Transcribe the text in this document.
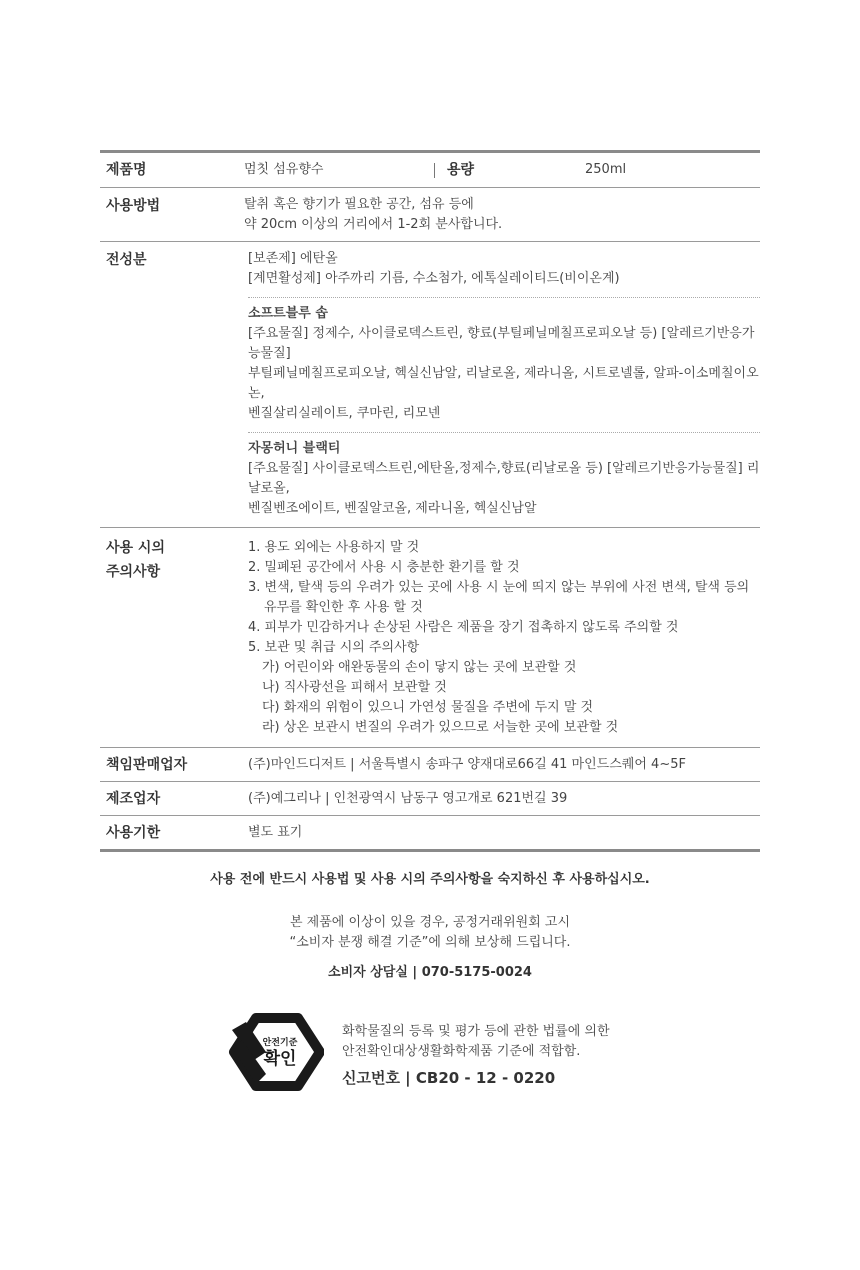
제품명	멈칫 섬유향수	용량	250ml
사용방법	탈취 혹은 향기가 필요한 공간, 섬유 등에
약 20cm 이상의 거리에서 1-2회 분사합니다.
전성분	[보존제] 에탄올
[계면활성제] 아주까리 기름, 수소첨가, 에톡실레이티드(비이온계)
소프트블루 솝
[주요물질] 정제수, 사이클로덱스트린, 향료(부틸페닐메칠프로피오날 등) [알레르기반응가능물질]
부틸페닐메칠프로피오날, 헥실신남알, 리날로올, 제라니올, 시트로넬롤, 알파-이소메칠이오논,
벤질살리실레이트, 쿠마린, 리모넨
자몽허니 블랙티
[주요물질] 사이클로덱스트린,에탄올,정제수,향료(리날로올 등) [알레르기반응가능물질] 리날로올,
벤질벤조에이트, 벤질알코올, 제라니올, 헥실신남알
사용 시의
주의사항
1. 용도 외에는 사용하지 말 것
2. 밀폐된 공간에서 사용 시 충분한 환기를 할 것
3. 변색, 탈색 등의 우려가 있는 곳에 사용 시 눈에 띄지 않는 부위에 사전 변색, 탈색 등의
유무를 확인한 후 사용 할 것
4. 피부가 민감하거나 손상된 사람은 제품을 장기 접촉하지 않도록 주의할 것
5. 보관 및 취급 시의 주의사항
가) 어린이와 애완동물의 손이 닿지 않는 곳에 보관할 것
나) 직사광선을 피해서 보관할 것
다) 화재의 위험이 있으니 가연성 물질을 주변에 두지 말 것
라) 상온 보관시 변질의 우려가 있으므로 서늘한 곳에 보관할 것
책임판매업자	(주)마인드디저트 | 서울특별시 송파구 양재대로66길 41 마인드스퀘어 4~5F
제조업자	(주)예그리나 | 인천광역시 남동구 영고개로 621번길 39
사용기한	별도 표기
사용 전에 반드시 사용법 및 사용 시의 주의사항을 숙지하신 후 사용하십시오.
본 제품에 이상이 있을 경우, 공정거래위원회 고시
“소비자 분쟁 해결 기준”에 의해 보상해 드립니다.
소비자 상담실 | 070-5175-0024
안전기준
확인
화학물질의 등록 및 평가 등에 관한 법률에 의한
안전확인대상생활화학제품 기준에 적합함.
신고번호 | CB20 - 12 - 0220
